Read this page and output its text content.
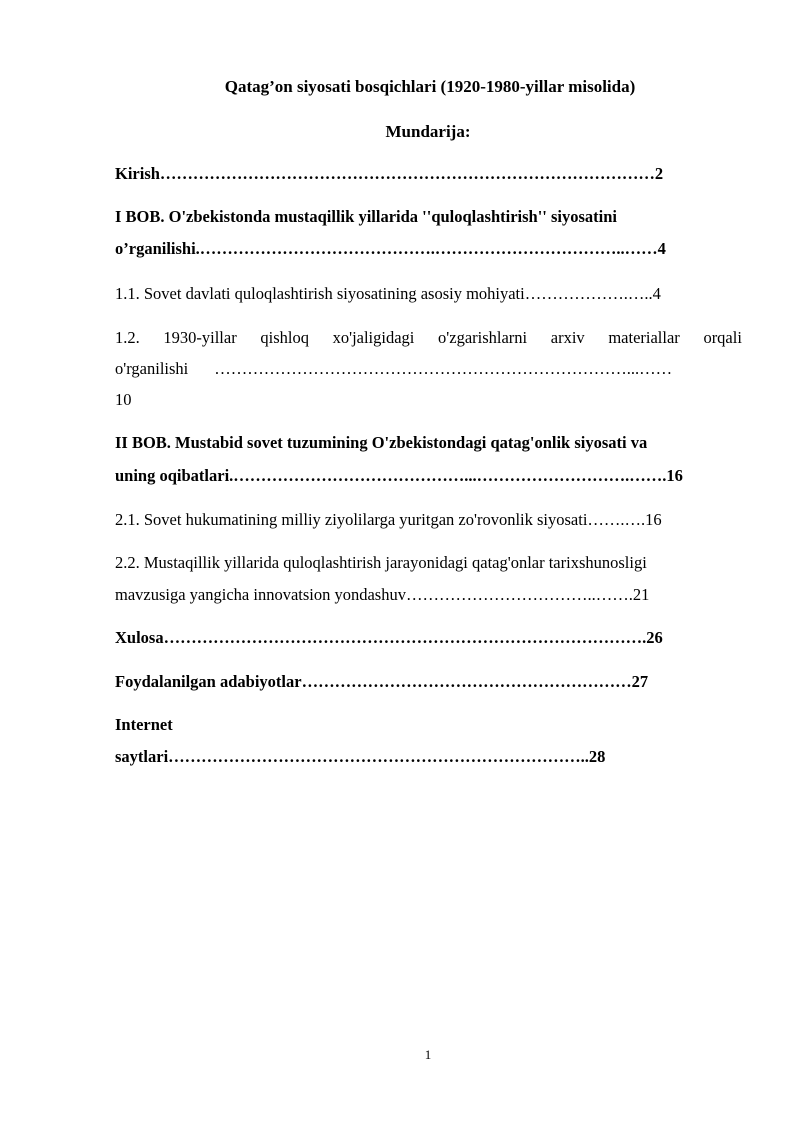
Qatag’on siyosati bosqichlari (1920-1980-yillar misolida)
Mundarija:
Kirish………………………………………………………………………………2
I BOB. O'zbekistonda mustaqillik yillarida ''quloqlashtirish'' siyosatini
o’rganilishi.…………………………………….……………………………..……4
1.1. Sovet davlati quloqlashtirish siyosatining asosiy mohiyati……………….…..4
1.2. 1930-yillar qishloq xo'jaligidagi o'zgarishlarni arxiv materiallar orqali
o'rganilishi …………………………………………………………………...……
10
II BOB. Mustabid sovet tuzumining O'zbekistondagi qatag'onlik siyosati va
uning oqibatlari.……………………………………...……………………….…….16
2.1. Sovet hukumatining milliy ziyolilarga yuritgan zo'rovonlik siyosati…….….16
2.2. Mustaqillik yillarida quloqlashtirish jarayonidagi qatag'onlar tarixshunosligi
mavzusiga yangicha innovatsion yondashuv……………………………..…….21
Xulosa…………………………………………………………………………….26
Foydalanilgan adabiyotlar……………………………………………………27
Internet
saytlari…………………………………………………………………..28
1
